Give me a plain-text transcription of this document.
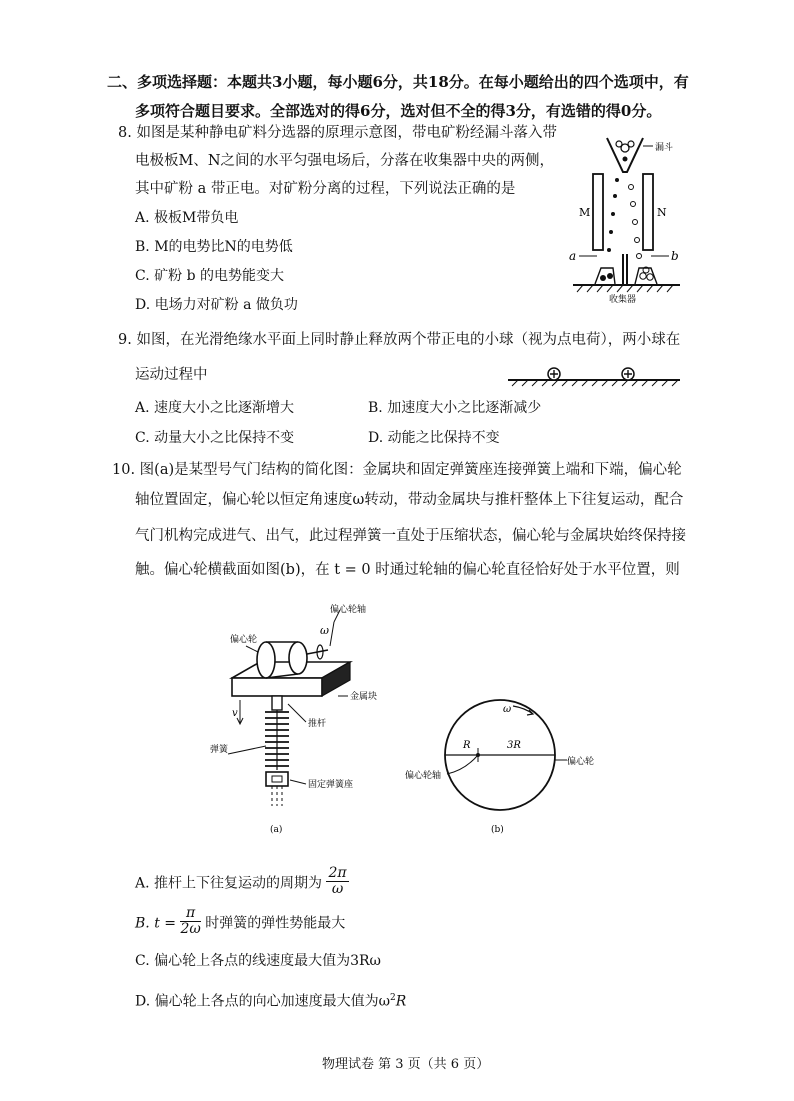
二、多项选择题：本题共3小题，每小题6分，共18分。在每小题给出的四个选项中，有
多项符合题目要求。全部选对的得6分，选对但不全的得3分，有选错的得0分。
8. 如图是某种静电矿料分选器的原理示意图，带电矿粉经漏斗落入带
电极板M、N之间的水平匀强电场后，分落在收集器中央的两侧，
其中矿粉 a 带正电。对矿粉分离的过程，下列说法正确的是
A. 极板M带负电
B. M的电势比N的电势低
C. 矿粉 b 的电势能变大
D. 电场力对矿粉 a 做负功
漏斗
M	N
a	b
收集器
9. 如图，在光滑绝缘水平面上同时静止释放两个带正电的小球（视为点电荷），两小球在
运动过程中
A. 速度大小之比逐渐增大	B. 加速度大小之比逐渐减少
C. 动量大小之比保持不变	D. 动能之比保持不变
10. 图(a)是某型号气门结构的简化图：金属块和固定弹簧座连接弹簧上端和下端，偏心轮
轴位置固定，偏心轮以恒定角速度ω转动，带动金属块与推杆整体上下往复运动，配合
气门机构完成进气、出气，此过程弹簧一直处于压缩状态，偏心轮与金属块始终保持接
触。偏心轮横截面如图(b)，在 t = 0 时通过轮轴的偏心轮直径恰好处于水平位置，则
偏心轮
偏心轮轴
ω
金属块
推杆
弹簧
固定弹簧座
v
(a)
ω
R	3R
偏心轮
偏心轮轴
(b)
A. 推杆上下往复运动的周期为 $\frac{2\pi}{\omega}$
B. $t = \frac{\pi}{2\omega}$ 时弹簧的弹性势能最大
C. 偏心轮上各点的线速度最大值为3Rω
D. 偏心轮上各点的向心加速度最大值为$\omega^2R$
物理试卷 第 3 页（共 6 页）
